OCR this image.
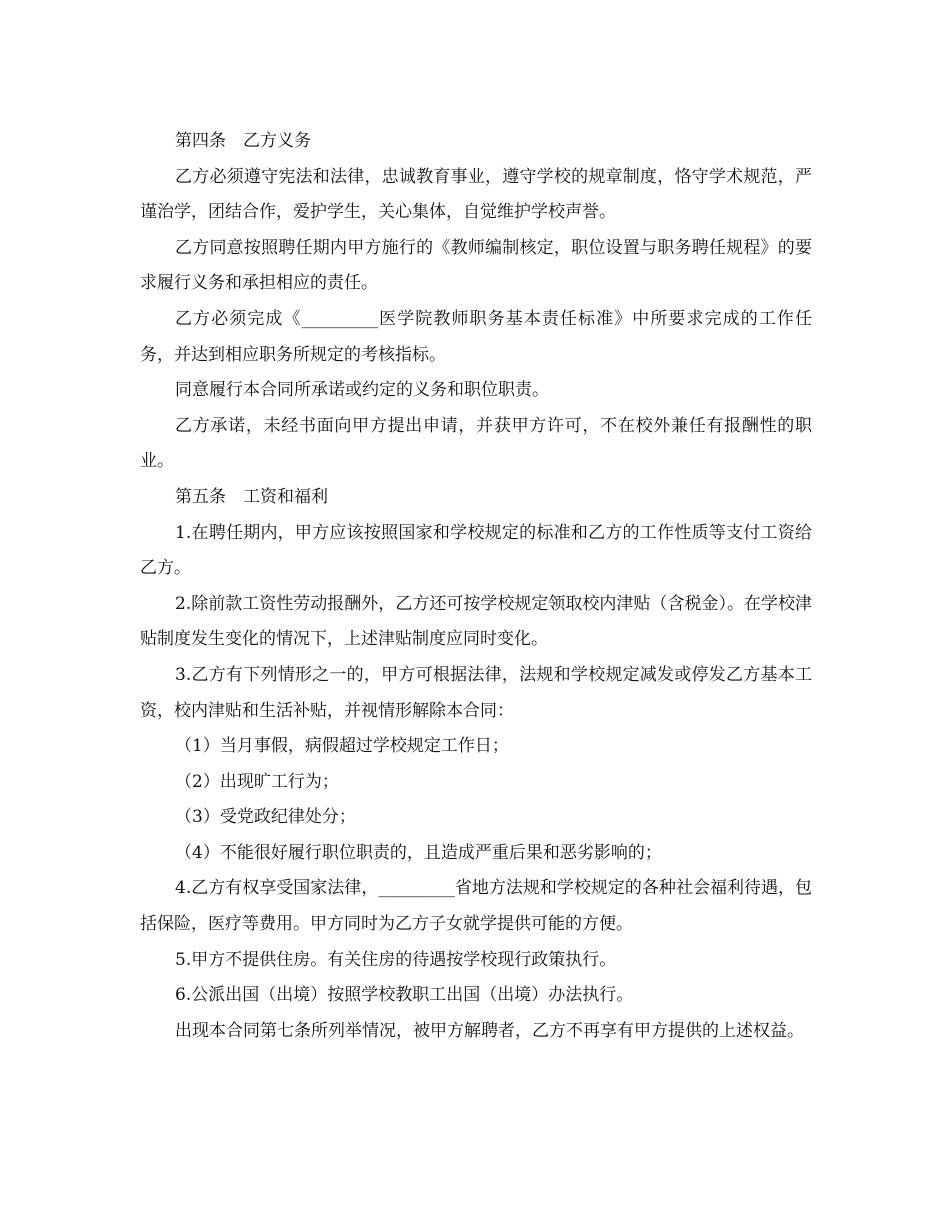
第四条　乙方义务

乙方必须遵守宪法和法律，忠诚教育事业，遵守学校的规章制度，恪守学术规范，严谨治学，团结合作，爱护学生，关心集体，自觉维护学校声誉。

乙方同意按照聘任期内甲方施行的《教师编制核定，职位设置与职务聘任规程》的要求履行义务和承担相应的责任。

乙方必须完成《_________医学院教师职务基本责任标准》中所要求完成的工作任务，并达到相应职务所规定的考核指标。

同意履行本合同所承诺或约定的义务和职位职责。

乙方承诺，未经书面向甲方提出申请，并获甲方许可，不在校外兼任有报酬性的职业。

第五条　工资和福利

1.在聘任期内，甲方应该按照国家和学校规定的标准和乙方的工作性质等支付工资给乙方。

2.除前款工资性劳动报酬外，乙方还可按学校规定领取校内津贴（含税金）。在学校津贴制度发生变化的情况下，上述津贴制度应同时变化。

3.乙方有下列情形之一的，甲方可根据法律，法规和学校规定减发或停发乙方基本工资，校内津贴和生活补贴，并视情形解除本合同：

（1）当月事假，病假超过学校规定工作日；

（2）出现旷工行为；

（3）受党政纪律处分；

（4）不能很好履行职位职责的，且造成严重后果和恶劣影响的；

4.乙方有权享受国家法律，_________省地方法规和学校规定的各种社会福利待遇，包括保险，医疗等费用。甲方同时为乙方子女就学提供可能的方便。

5.甲方不提供住房。有关住房的待遇按学校现行政策执行。

6.公派出国（出境）按照学校教职工出国（出境）办法执行。

出现本合同第七条所列举情况，被甲方解聘者，乙方不再享有甲方提供的上述权益。
